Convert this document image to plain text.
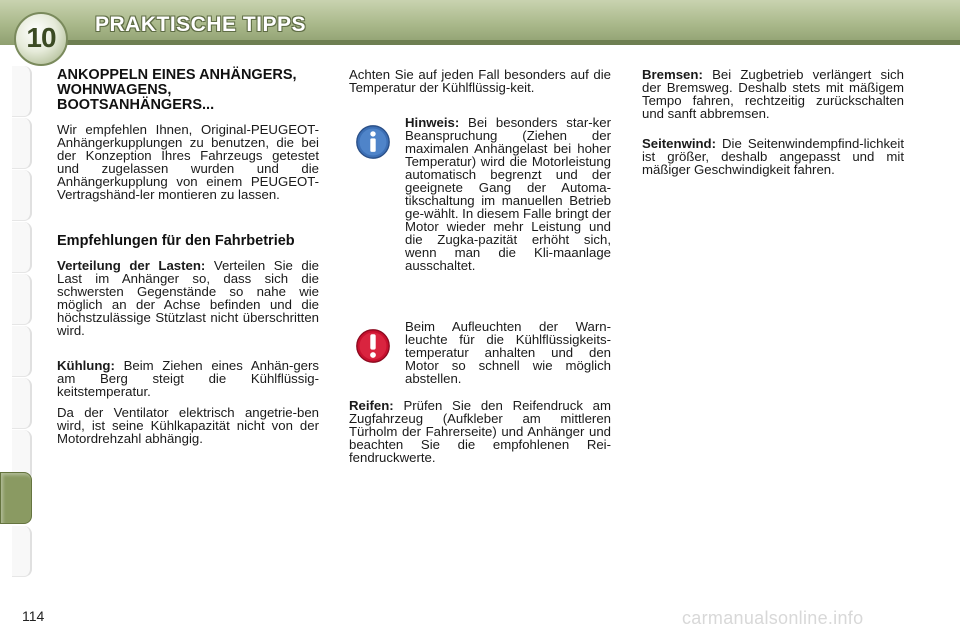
PRAKTISCHE TIPPS
10
ANKOPPELN EINES ANHÄNGERS, WOHNWAGENS, BOOTSANHÄNGERS...

Wir empfehlen Ihnen, Original-PEUGEOT-Anhängerkupplungen zu benutzen, die bei der Konzeption Ihres Fahrzeugs getestet und zugelassen wurden und die Anhängerkupplung von einem PEUGEOT-Vertragshänd-ler montieren zu lassen.

Empfehlungen für den Fahrbetrieb

Verteilung der Lasten: Verteilen Sie die Last im Anhänger so, dass sich die schwersten Gegenstände so nahe wie möglich an der Achse befinden und die höchstzulässige Stützlast nicht überschritten wird.

Kühlung: Beim Ziehen eines Anhän-gers am Berg steigt die Kühlflüssig-keitstemperatur.

Da der Ventilator elektrisch angetrie-ben wird, ist seine Kühlkapazität nicht von der Motordrehzahl abhängig.

Achten Sie auf jeden Fall besonders auf die Temperatur der Kühlflüssig-keit.

Hinweis: Bei besonders star-ker Beanspruchung (Ziehen der maximalen Anhängelast bei hoher Temperatur) wird die Motorleistung automatisch begrenzt und der geeignete Gang der Automa-tikschaltung im manuellen Betrieb ge-wählt. In diesem Falle bringt der Motor wieder mehr Leistung und die Zugka-pazität erhöht sich, wenn man die Kli-maanlage ausschaltet.

Beim Aufleuchten der Warn-leuchte für die Kühlflüssigkeits-temperatur anhalten und den Motor so schnell wie möglich abstellen.

Reifen: Prüfen Sie den Reifendruck am Zugfahrzeug (Aufkleber am mittleren Türholm der Fahrerseite) und Anhänger und beachten Sie die empfohlenen Rei-fendruckwerte.

Bremsen: Bei Zugbetrieb verlängert sich der Bremsweg. Deshalb stets mit mäßigem Tempo fahren, rechtzeitig zurückschalten und sanft abbremsen.

Seitenwind: Die Seitenwindempfind-lichkeit ist größer, deshalb angepasst und mit mäßiger Geschwindigkeit fahren.

114	carmanualsonline.info
